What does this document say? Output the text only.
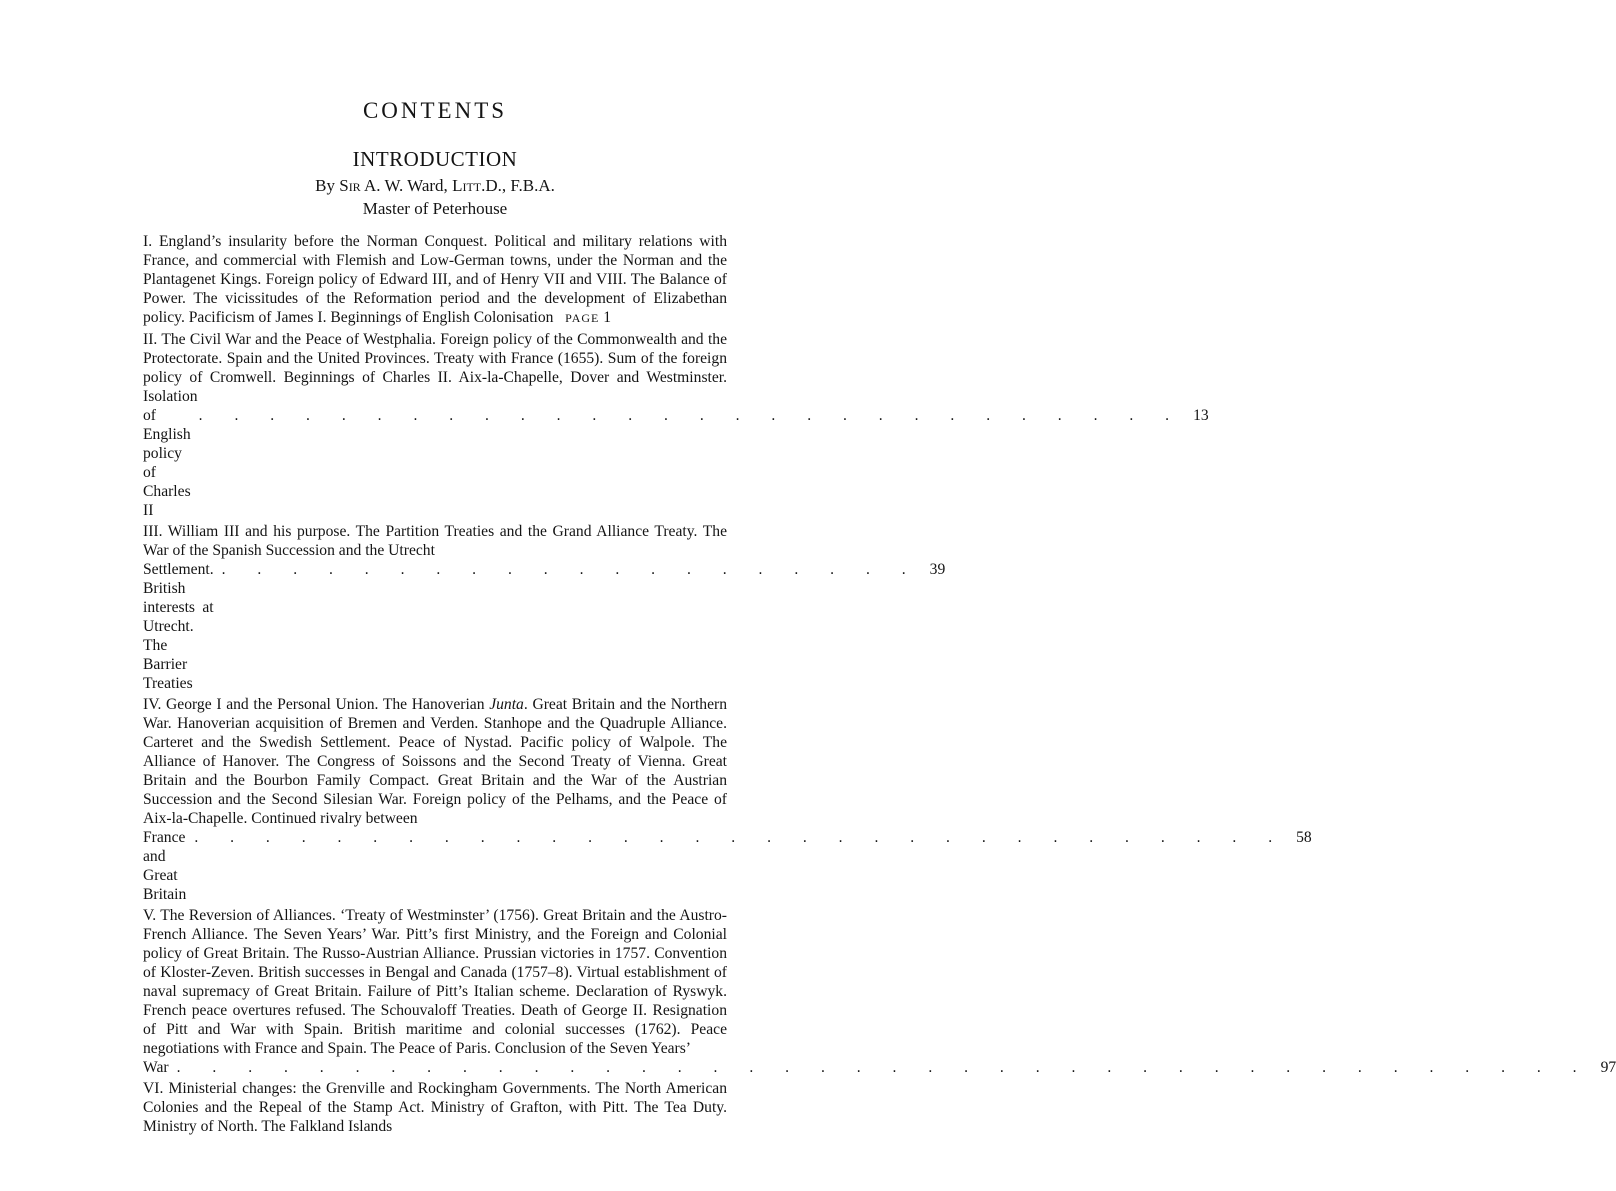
CONTENTS
INTRODUCTION

By Sir A. W. Ward, Litt.D., F.B.A.

Master of Peterhouse

I. England’s insularity before the Norman Conquest. Political and military relations with France, and commercial with Flemish and Low-German towns, under the Norman and the Plantagenet Kings. Foreign policy of Edward III, and of Henry VII and VIII. The Balance of Power. The vicissitudes of the Reformation period and the development of Elizabethan policy. Pacificism of James I. Beginnings of English Colonisation PAGE 1
II. The Civil War and the Peace of Westphalia. Foreign policy of the Commonwealth and the Protectorate. Spain and the United Provinces. Treaty with France (1655). Sum of the foreign policy of Cromwell. Beginnings of Charles II. Aix-la-Chapelle, Dover and Westminster. Isolation
of English policy of Charles II
. . . . . . . . . . . . . . . . . . . . . . . . . . . . 13
III. William III and his purpose. The Partition Treaties and the Grand Alliance Treaty. The War of the Spanish Succession and the Utrecht
Settlement. British interests at Utrecht. The Barrier Treaties
. . . . . . . . . . . . . . . . . . . . 39
IV. George I and the Personal Union. The Hanoverian Junta. Great Britain and the Northern War. Hanoverian acquisition of Bremen and Verden. Stanhope and the Quadruple Alliance. Carteret and the Swedish Settlement. Peace of Nystad. Pacific policy of Walpole. The Alliance of Hanover. The Congress of Soissons and the Second Treaty of Vienna. Great Britain and the Bourbon Family Compact. Great Britain and the War of the Austrian Succession and the Second Silesian War. Foreign policy of the Pelhams, and the Peace of Aix-la-Chapelle. Continued rivalry between
France and Great Britain
. . . . . . . . . . . . . . . . . . . . . . . . . . . . . . . 58
V. The Reversion of Alliances. ‘Treaty of Westminster’ (1756). Great Britain and the Austro-French Alliance. The Seven Years’ War. Pitt’s first Ministry, and the Foreign and Colonial policy of Great Britain. The Russo-Austrian Alliance. Prussian victories in 1757. Convention of Kloster-Zeven. British successes in Bengal and Canada (1757–8). Virtual establishment of naval supremacy of Great Britain. Failure of Pitt’s Italian scheme. Declaration of Ryswyk. French peace overtures refused. The Schouvaloff Treaties. Death of George II. Resignation of Pitt and War with Spain. British maritime and colonial successes (1762). Peace negotiations with France and Spain. The Peace of Paris. Conclusion of the Seven Years’
War . . . . . . . . . . . . . . . . . . . . . . . . . . . . . . . . . . . . . . . . 97
VI. Ministerial changes: the Grenville and Rockingham Governments. The North American Colonies and the Repeal of the Stamp Act. Ministry of Grafton, with Pitt. The Tea Duty. Ministry of North. The Falkland Islands
